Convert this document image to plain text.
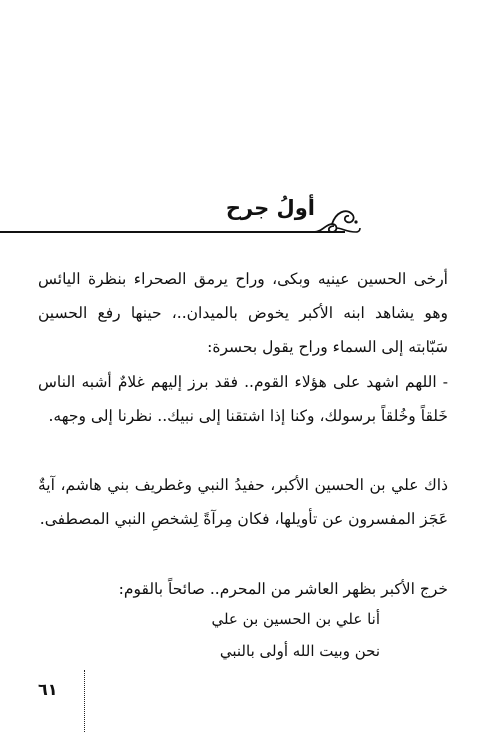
أولُ جرح
أرخى الحسين عينيه وبكى، وراح يرمق الصحراء بنظرة اليائس وهو يشاهد ابنه الأكبر يخوض بالميدان..، حينها رفع الحسين سَبّابته إلى السماء وراح يقول بحسرة:
- اللهم اشهد على هؤلاء القوم.. فقد برز إليهم غلامٌ أشبه الناس خَلقاً وخُلقاً برسولك، وكنا إذا اشتقنا إلى نبيك.. نظرنا إلى وجهه.
ذاك علي بن الحسين الأكبر، حفيدُ النبي وغطريف بني هاشم، آيةٌ عَجَز المفسرون عن تأويلها، فكان مِرآةً لِشخصِ النبي المصطفى.
خرج الأكبر بظهر العاشر من المحرم.. صائحاً بالقوم:
أنا علي بن الحسين بن علي
نحن وبيت الله أولى بالنبي
٦١
